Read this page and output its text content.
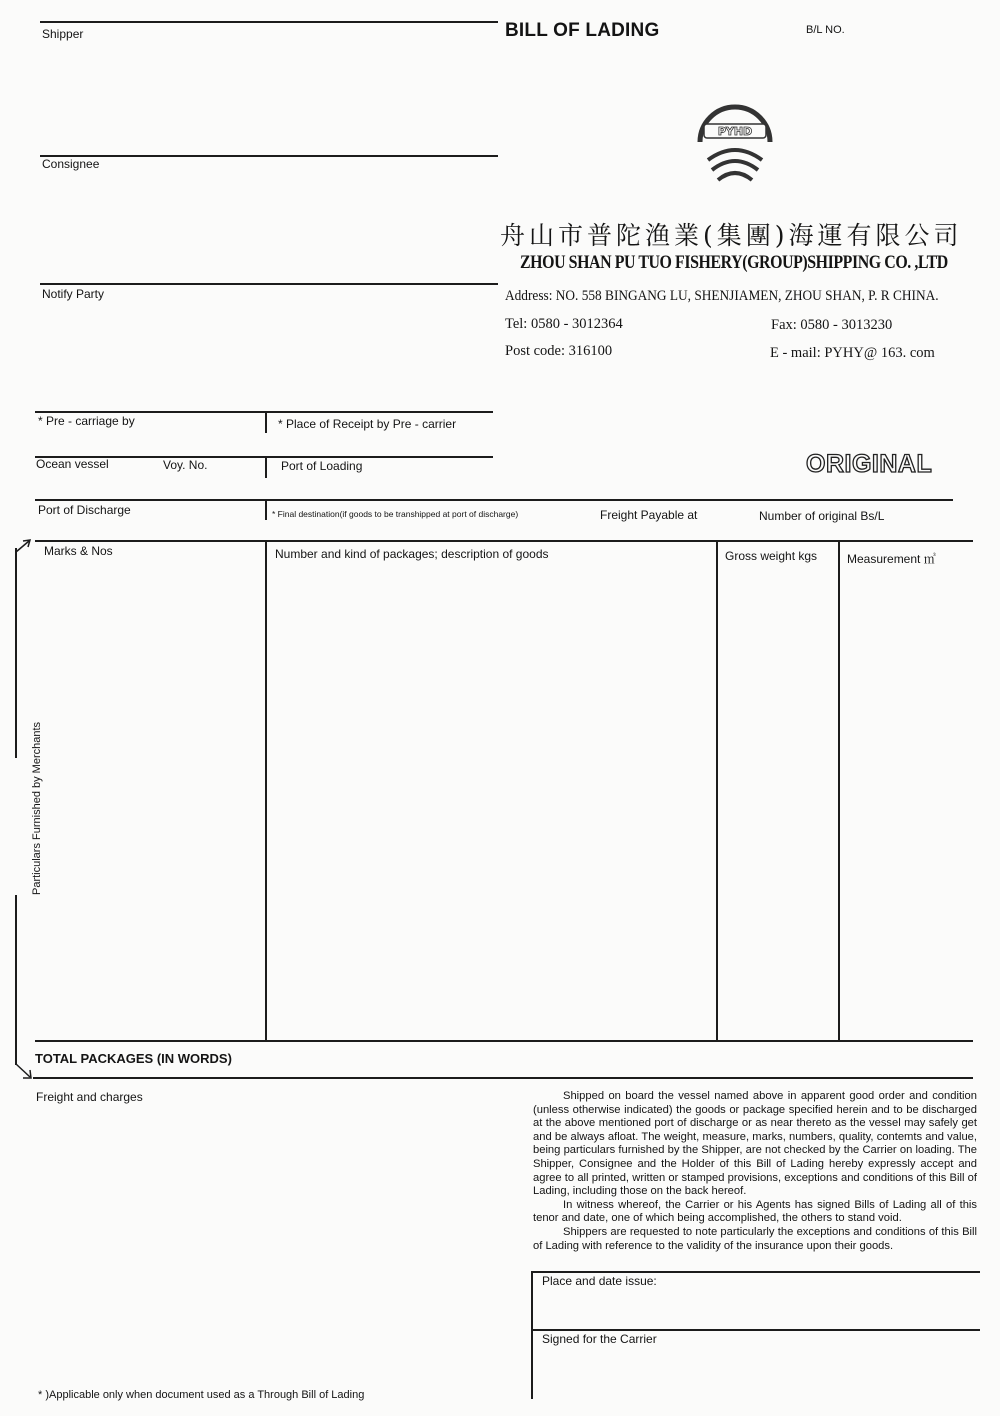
Shipper	BILL OF LADING	B/L NO.
PYHD
舟山市普陀渔業(集團)海運有限公司
ZHOU SHAN PU TUO FISHERY(GROUP)SHIPPING CO. ,LTD
Address: NO. 558 BINGANG LU, SHENJIAMEN, ZHOU SHAN, P. R CHINA.
Tel: 0580 - 3012364	Fax: 0580 - 3013230
Post code: 316100	E - mail: PYHY@ 163. com
Consignee
Notify Party
* Pre - carriage by	* Place of Receipt by Pre - carrier
Ocean vessel	Voy. No.	Port of Loading	ORIGINAL
Port of Discharge	* Final destination(if goods to be transhipped at port of discharge)	Freight Payable at	Number of original Bs/L
Marks & Nos	Number and kind of packages; description of goods	Gross weight kgs Measurement ㎥
Particulars Furnished by Merchants
TOTAL PACKAGES (IN WORDS)
Freight and charges	Shipped on board the vessel named above in apparent good order and condition (unless otherwise indicated) the goods or package specified herein and to be discharged at the above mentioned port of discharge or as near thereto as the vessel may safely get and be always afloat. The weight, measure, marks, numbers, quality, contemts and value, being particulars furnished by the Shipper, are not checked by the Carrier on loading. The Shipper, Consignee and the Holder of this Bill of Lading hereby expressly accept and agree to all printed, written or stamped provisions, exceptions and conditions of this Bill of Lading, including those on the back hereof.

In witness whereof, the Carrier or his Agents has signed Bills of Lading all of this tenor and date, one of which being accomplished, the others to stand void.

Shippers are requested to note particularly the exceptions and conditions of this Bill of Lading with reference to the validity of the insurance upon their goods.

Place and date issue:
Signed for the Carrier
* )Applicable only when document used as a Through Bill of Lading
